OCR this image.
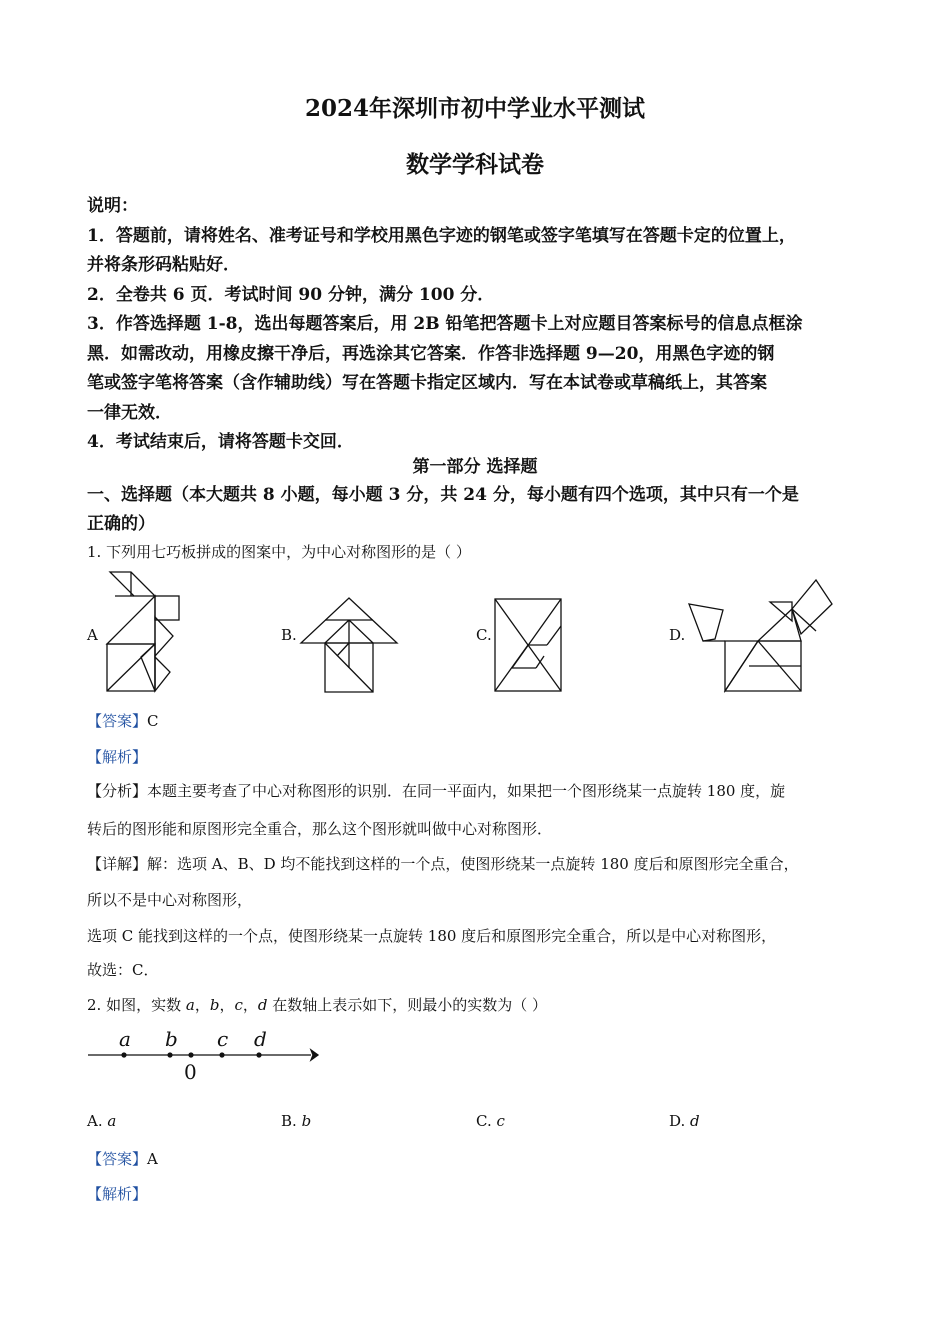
2024年深圳市初中学业水平测试
数学学科试卷
说明：
1．答题前，请将姓名、准考证号和学校用黑色字迹的钢笔或签字笔填写在答题卡定的位置上，
并将条形码粘贴好．
2．全卷共 6 页．考试时间 90 分钟，满分 100 分．
3．作答选择题 1-8，选出每题答案后，用 2B 铅笔把答题卡上对应题目答案标号的信息点框涂
黑．如需改动，用橡皮擦干净后，再选涂其它答案．作答非选择题 9—20，用黑色字迹的钢
笔或签字笔将答案（含作辅助线）写在答题卡指定区域内．写在本试卷或草稿纸上，其答案
一律无效．
4．考试结束后，请将答题卡交回．
第一部分 选择题
一、选择题（本大题共 8 小题，每小题 3 分，共 24 分，每小题有四个选项，其中只有一个是
正确的）
1. 下列用七巧板拼成的图案中，为中心对称图形的是（ ）
A	B.	C.	D.
【答案】C
【解析】
【分析】本题主要考查了中心对称图形的识别．在同一平面内，如果把一个图形绕某一点旋转 180 度，旋
转后的图形能和原图形完全重合，那么这个图形就叫做中心对称图形．
【详解】解：选项 A、B、D 均不能找到这样的一个点，使图形绕某一点旋转 180 度后和原图形完全重合，
所以不是中心对称图形，
选项 C 能找到这样的一个点，使图形绕某一点旋转 180 度后和原图形完全重合，所以是中心对称图形，
故选：C．
2. 如图，实数 a，b，c，d 在数轴上表示如下，则最小的实数为（ ）
a b c d
0
A. a	B. b	C. c	D. d
【答案】A
【解析】
